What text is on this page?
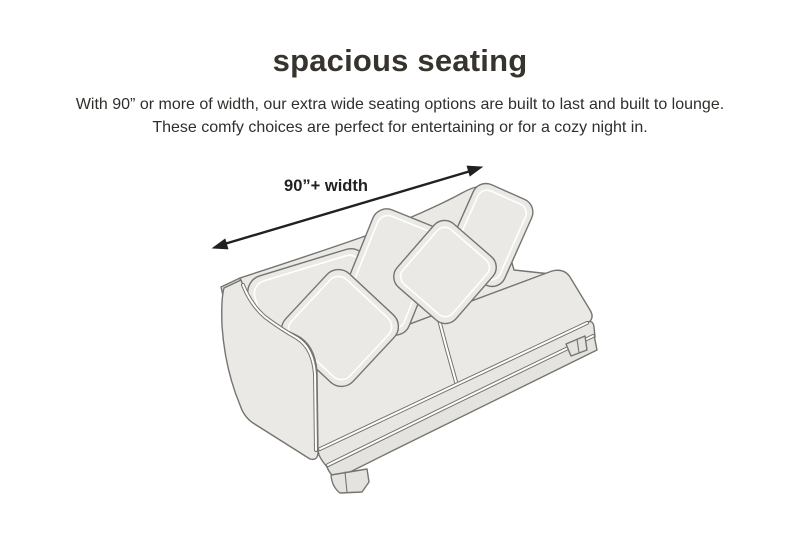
spacious seating

With 90” or more of width, our extra wide seating options are built to last and built to lounge.
These comfy choices are perfect for entertaining or for a cozy night in.

90”+ width
